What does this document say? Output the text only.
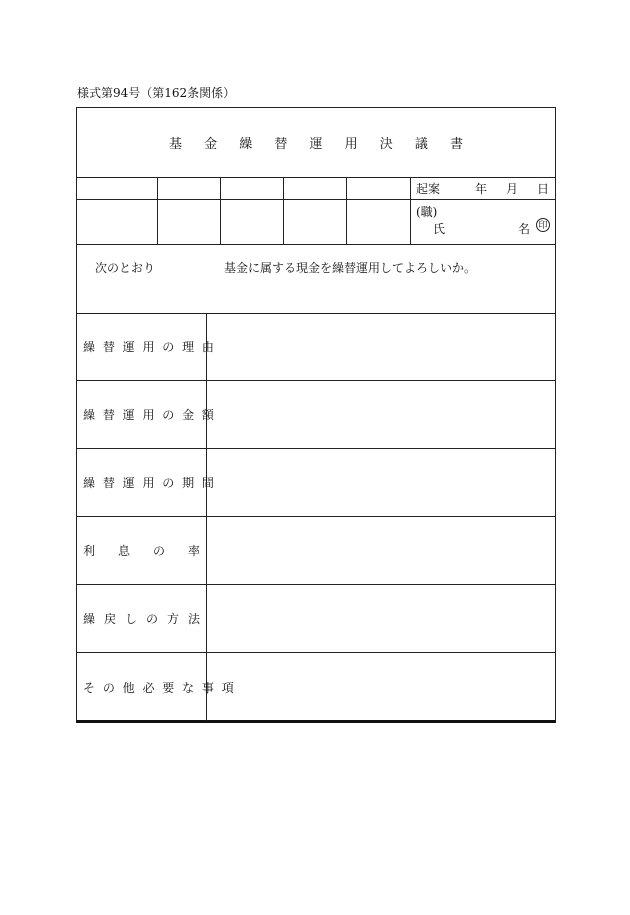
様式第94号（第162条関係）
基 金 繰 替 運 用 決 議 書
起案	年 月 日
(職)
氏	名 印
次のとおり	基金に属する現金を繰替運用してよろしいか。
繰 替 運 用 の 理 由
繰 替 運 用 の 金 額
繰 替 運 用 の 期 間
利 息 の 率
繰 戻 し の 方 法
そ の 他 必 要 な 事 項
